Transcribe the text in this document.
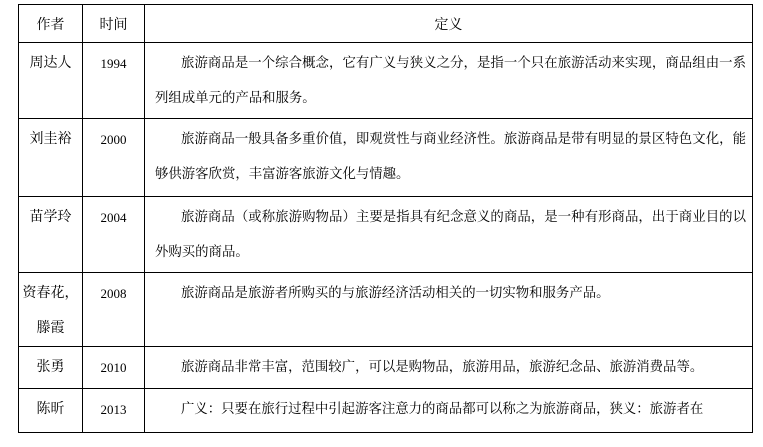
作者	时间	定义
周达人	1994	旅游商品是一个综合概念，它有广义与狭义之分，是指一个只在旅游活动来实现，商品组由一系列组成单元的产品和服务。
刘圭裕	2000	旅游商品一般具备多重价值，即观赏性与商业经济性。旅游商品是带有明显的景区特色文化，能够供游客欣赏，丰富游客旅游文化与情趣。
苗学玲	2004	旅游商品（或称旅游购物品）主要是指具有纪念意义的商品，是一种有形商品，出于商业目的以外购买的商品。
资春花，滕霞	2008	旅游商品是旅游者所购买的与旅游经济活动相关的一切实物和服务产品。
张勇	2010	旅游商品非常丰富，范围较广，可以是购物品，旅游用品，旅游纪念品、旅游消费品等。
陈昕	2013	广义：只要在旅行过程中引起游客注意力的商品都可以称之为旅游商品，狭义：旅游者在
